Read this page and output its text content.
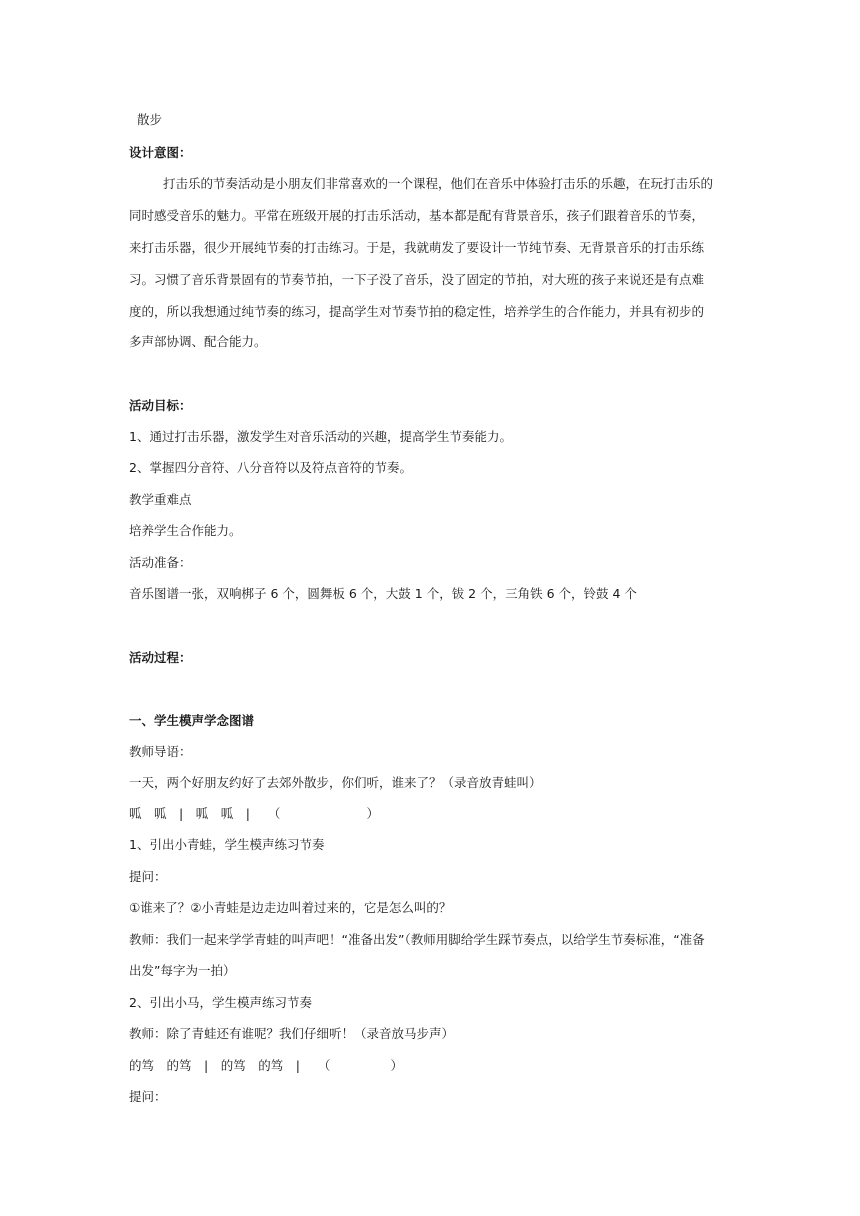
散步
设计意图：
打击乐的节奏活动是小朋友们非常喜欢的一个课程，他们在音乐中体验打击乐的乐趣，在玩打击乐的
同时感受音乐的魅力。平常在班级开展的打击乐活动，基本都是配有背景音乐，孩子们跟着音乐的节奏，
来打击乐器，很少开展纯节奏的打击练习。于是，我就萌发了要设计一节纯节奏、无背景音乐的打击乐练
习。习惯了音乐背景固有的节奏节拍，一下子没了音乐，没了固定的节拍，对大班的孩子来说还是有点难
度的，所以我想通过纯节奏的练习，提高学生对节奏节拍的稳定性，培养学生的合作能力，并具有初步的
多声部协调、配合能力。
活动目标：
1、通过打击乐器，激发学生对音乐活动的兴趣，提高学生节奏能力。
2、掌握四分音符、八分音符以及符点音符的节奏。
教学重难点
培养学生合作能力。
活动准备：
音乐图谱一张，双响梆子 6 个，圆舞板 6 个，大鼓 1 个，钹 2 个，三角铁 6 个，铃鼓 4 个
活动过程：
一、学生模声学念图谱
教师导语：
一天，两个好朋友约好了去郊外散步，你们听，谁来了？（录音放青蛙叫）
呱　呱　|　呱　呱　| （	）
1、引出小青蛙，学生模声练习节奏
提问：
①谁来了？②小青蛙是边走边叫着过来的，它是怎么叫的？
教师：我们一起来学学青蛙的叫声吧！“准备出发”（教师用脚给学生踩节奏点，以给学生节奏标准，“准备
出发”每字为一拍）
2、引出小马，学生模声练习节奏
教师：除了青蛙还有谁呢？我们仔细听！（录音放马步声）
的笃　的笃　|　的笃　的笃　| （	）
提问：
